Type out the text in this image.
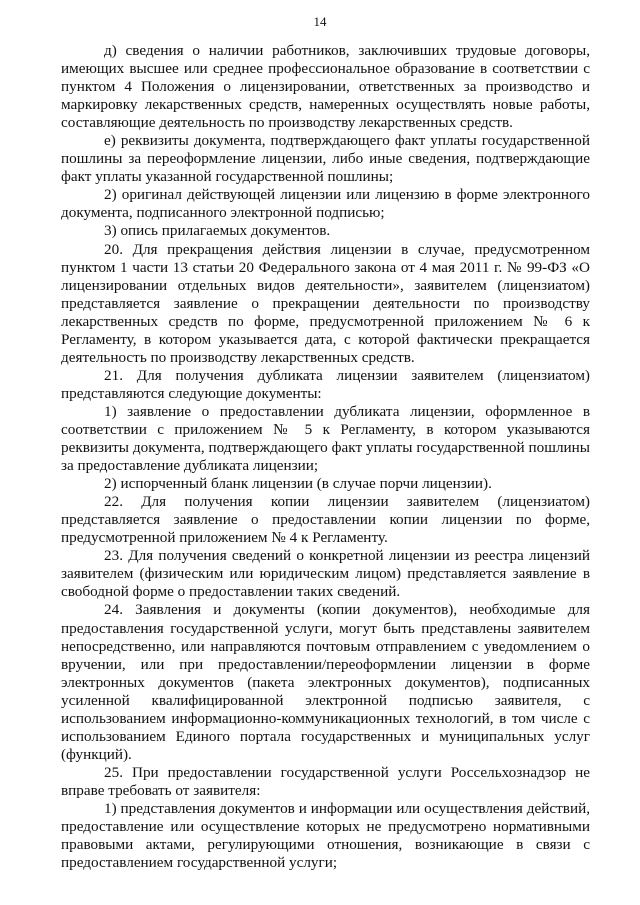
14

д) сведения о наличии работников, заключивших трудовые договоры, имеющих высшее или среднее профессиональное образование в соответствии с пунктом 4 Положения о лицензировании, ответственных за производство и маркировку лекарственных средств, намеренных осуществлять новые работы, составляющие деятельность по производству лекарственных средств.

е) реквизиты документа, подтверждающего факт уплаты государственной пошлины за переоформление лицензии, либо иные сведения, подтверждающие факт уплаты указанной государственной пошлины;

2) оригинал действующей лицензии или лицензию в форме электронного документа, подписанного электронной подписью;

3) опись прилагаемых документов.

20. Для прекращения действия лицензии в случае, предусмотренном пунктом 1 части 13 статьи 20 Федерального закона от 4 мая 2011 г. № 99-ФЗ «О лицензировании отдельных видов деятельности», заявителем (лицензиатом) представляется заявление о прекращении деятельности по производству лекарственных средств по форме, предусмотренной приложением № 6 к Регламенту, в котором указывается дата, с которой фактически прекращается деятельность по производству лекарственных средств.

21. Для получения дубликата лицензии заявителем (лицензиатом) представляются следующие документы:

1) заявление о предоставлении дубликата лицензии, оформленное в соответствии с приложением № 5 к Регламенту, в котором указываются реквизиты документа, подтверждающего факт уплаты государственной пошлины за предоставление дубликата лицензии;

2) испорченный бланк лицензии (в случае порчи лицензии).

22. Для получения копии лицензии заявителем (лицензиатом) представляется заявление о предоставлении копии лицензии по форме, предусмотренной приложением № 4 к Регламенту.

23. Для получения сведений о конкретной лицензии из реестра лицензий заявителем (физическим или юридическим лицом) представляется заявление в свободной форме о предоставлении таких сведений.

24. Заявления и документы (копии документов), необходимые для предоставления государственной услуги, могут быть представлены заявителем непосредственно, или направляются почтовым отправлением с уведомлением о вручении, или при предоставлении/переоформлении лицензии в форме электронных документов (пакета электронных документов), подписанных усиленной квалифицированной электронной подписью заявителя, с использованием информационно-коммуникационных технологий, в том числе с использованием Единого портала государственных и муниципальных услуг (функций).

25. При предоставлении государственной услуги Россельхознадзор не вправе требовать от заявителя:

1) представления документов и информации или осуществления действий, предоставление или осуществление которых не предусмотрено нормативными правовыми актами, регулирующими отношения, возникающие в связи с предоставлением государственной услуги;
